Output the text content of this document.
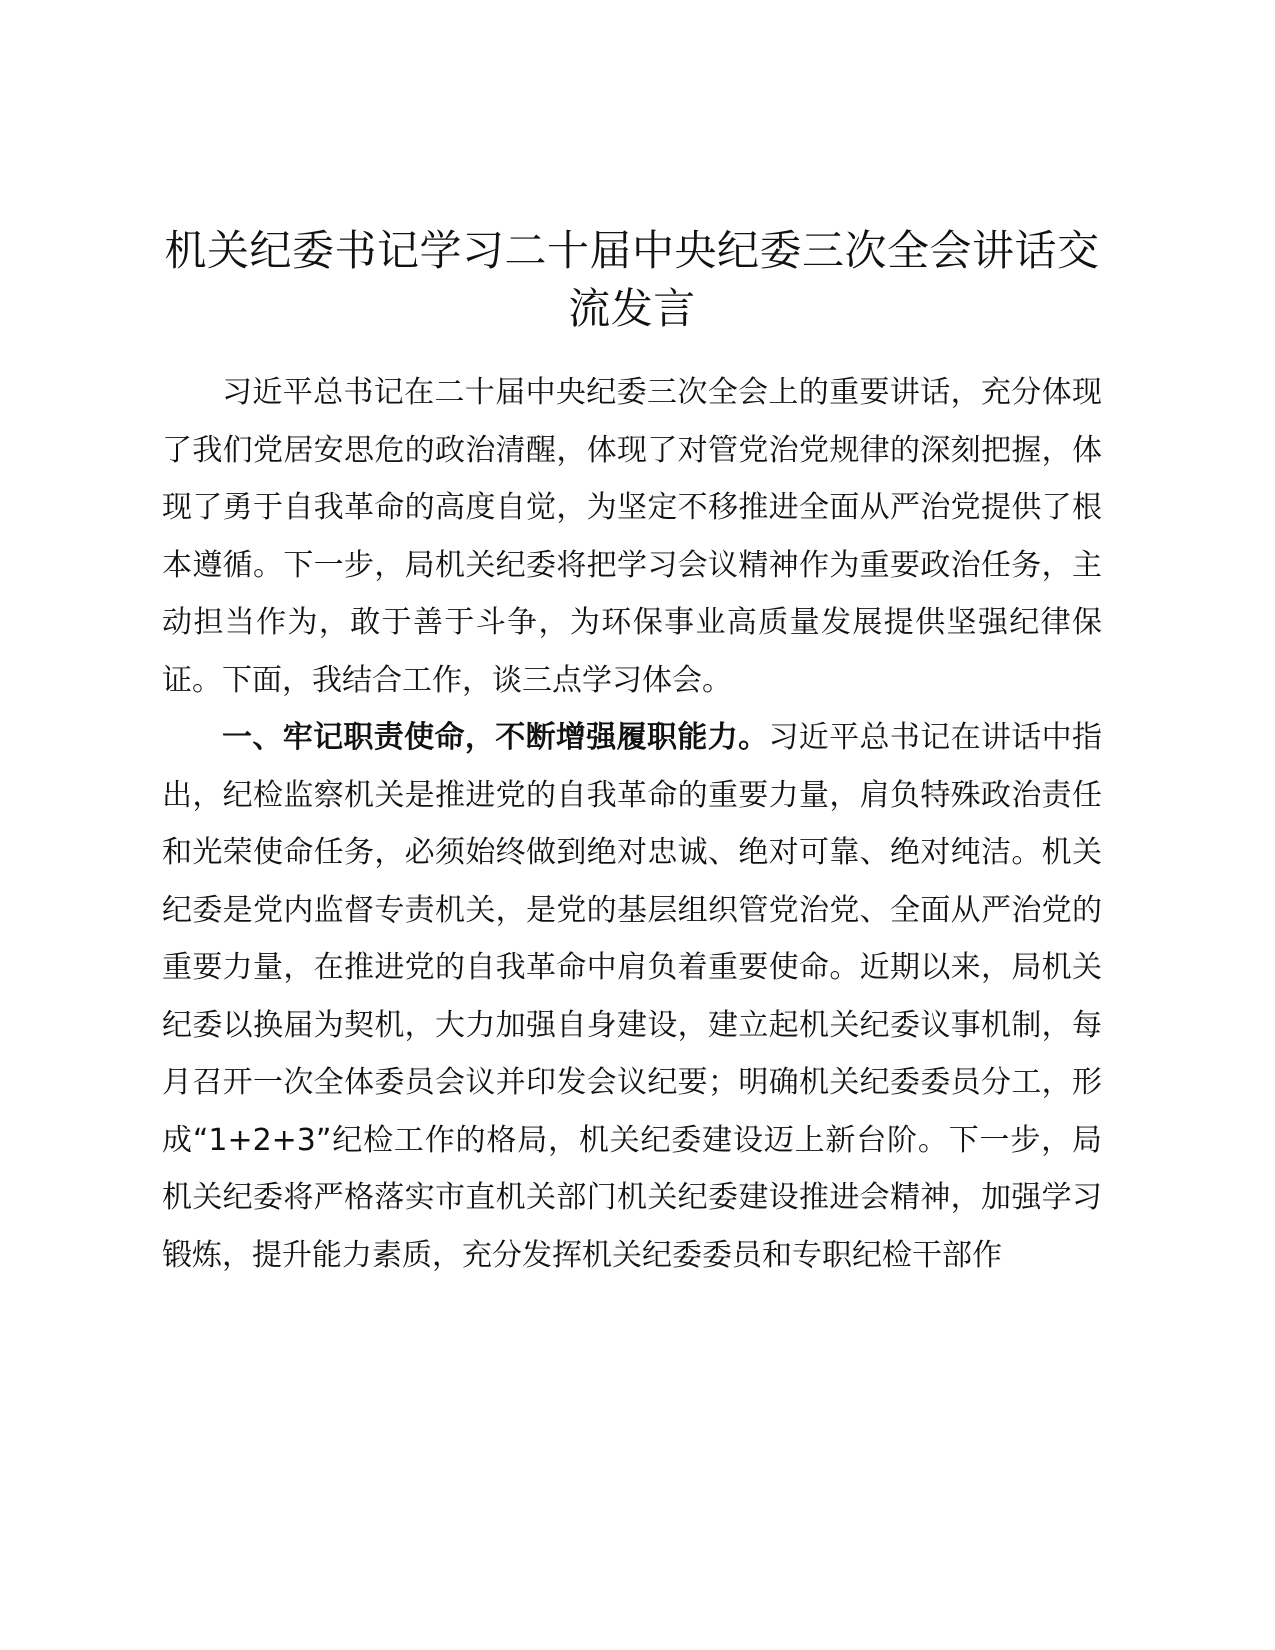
机关纪委书记学习二十届中央纪委三次全会讲话交流发言

习近平总书记在二十届中央纪委三次全会上的重要讲话，充分体现了我们党居安思危的政治清醒，体现了对管党治党规律的深刻把握，体现了勇于自我革命的高度自觉，为坚定不移推进全面从严治党提供了根本遵循。下一步，局机关纪委将把学习会议精神作为重要政治任务，主动担当作为，敢于善于斗争，为环保事业高质量发展提供坚强纪律保证。下面，我结合工作，谈三点学习体会。

一、牢记职责使命，不断增强履职能力。习近平总书记在讲话中指出，纪检监察机关是推进党的自我革命的重要力量，肩负特殊政治责任和光荣使命任务，必须始终做到绝对忠诚、绝对可靠、绝对纯洁。机关纪委是党内监督专责机关，是党的基层组织管党治党、全面从严治党的重要力量，在推进党的自我革命中肩负着重要使命。近期以来，局机关纪委以换届为契机，大力加强自身建设，建立起机关纪委议事机制，每月召开一次全体委员会议并印发会议纪要；明确机关纪委委员分工，形成“1+2+3”纪检工作的格局，机关纪委建设迈上新台阶。下一步，局机关纪委将严格落实市直机关部门机关纪委建设推进会精神，加强学习锻炼，提升能力素质，充分发挥机关纪委委员和专职纪检干部作
